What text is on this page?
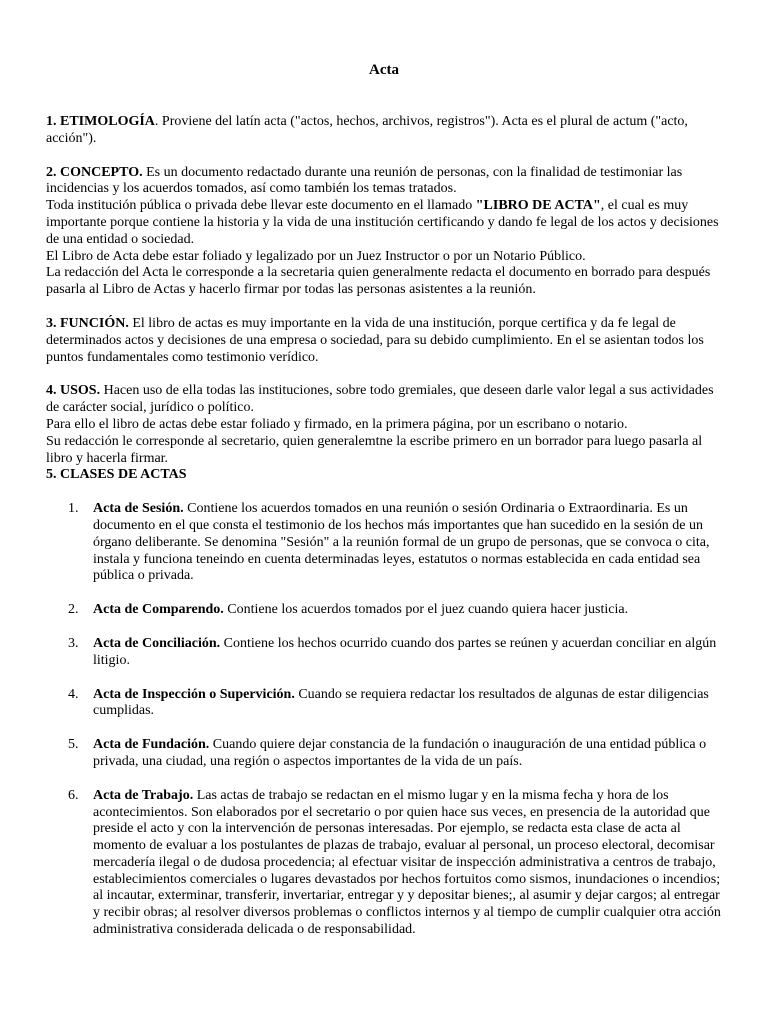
Acta

1. ETIMOLOGÍA. Proviene del latín acta ("actos, hechos, archivos, registros"). Acta es el plural de actum ("acto, acción").

2. CONCEPTO. Es un documento redactado durante una reunión de personas, con la finalidad de testimoniar las incidencias y los acuerdos tomados, así como también los temas tratados.

Toda institución pública o privada debe llevar este documento en el llamado "LIBRO DE ACTA", el cual es muy importante porque contiene la historia y la vida de una institución certificando y dando fe legal de los actos y decisiones de una entidad o sociedad.

El Libro de Acta debe estar foliado y legalizado por un Juez Instructor o por un Notario Público.

La redacción del Acta le corresponde a la secretaria quien generalmente redacta el documento en borrado para después pasarla al Libro de Actas y hacerlo firmar por todas las personas asistentes a la reunión.

3. FUNCIÓN. El libro de actas es muy importante en la vida de una institución, porque certifica y da fe legal de determinados actos y decisiones de una empresa o sociedad, para su debido cumplimiento. En el se asientan todos los puntos fundamentales como testimonio verídico.

4. USOS. Hacen uso de ella todas las instituciones, sobre todo gremiales, que deseen darle valor legal a sus actividades de carácter social, jurídico o político.

Para ello el libro de actas debe estar foliado y firmado, en la primera página, por un escribano o notario.

Su redacción le corresponde al secretario, quien generalemtne la escribe primero en un borrador para luego pasarla al libro y hacerla firmar.

5. CLASES DE ACTAS

1. Acta de Sesión. Contiene los acuerdos tomados en una reunión o sesión Ordinaria o Extraordinaria. Es un documento en el que consta el testimonio de los hechos más importantes que han sucedido en la sesión de un órgano deliberante. Se denomina "Sesión" a la reunión formal de un grupo de personas, que se convoca o cita, instala y funciona teneindo en cuenta determinadas leyes, estatutos o normas establecida en cada entidad sea pública o privada.
2. Acta de Comparendo. Contiene los acuerdos tomados por el juez cuando quiera hacer justicia.
3. Acta de Conciliación. Contiene los hechos ocurrido cuando dos partes se reúnen y acuerdan conciliar en algún litigio.
4. Acta de Inspección o Supervición. Cuando se requiera redactar los resultados de algunas de estar diligencias cumplidas.
5. Acta de Fundación. Cuando quiere dejar constancia de la fundación o inauguración de una entidad pública o privada, una ciudad, una región o aspectos importantes de la vida de un país.
6. Acta de Trabajo. Las actas de trabajo se redactan en el mismo lugar y en la misma fecha y hora de los acontecimientos. Son elaborados por el secretario o por quien hace sus veces, en presencia de la autoridad que preside el acto y con la intervención de personas interesadas. Por ejemplo, se redacta esta clase de acta al momento de evaluar a los postulantes de plazas de trabajo, evaluar al personal, un proceso electoral, decomisar mercadería ilegal o de dudosa procedencia; al efectuar visitar de inspección administrativa a centros de trabajo, establecimientos comerciales o lugares devastados por hechos fortuitos como sismos, inundaciones o incendios; al incautar, exterminar, transferir, invertariar, entregar y y depositar bienes;, al asumir y dejar cargos; al entregar y recibir obras; al resolver diversos problemas o conflictos internos y al tiempo de cumplir cualquier otra acción administrativa considerada delicada o de responsabilidad.
